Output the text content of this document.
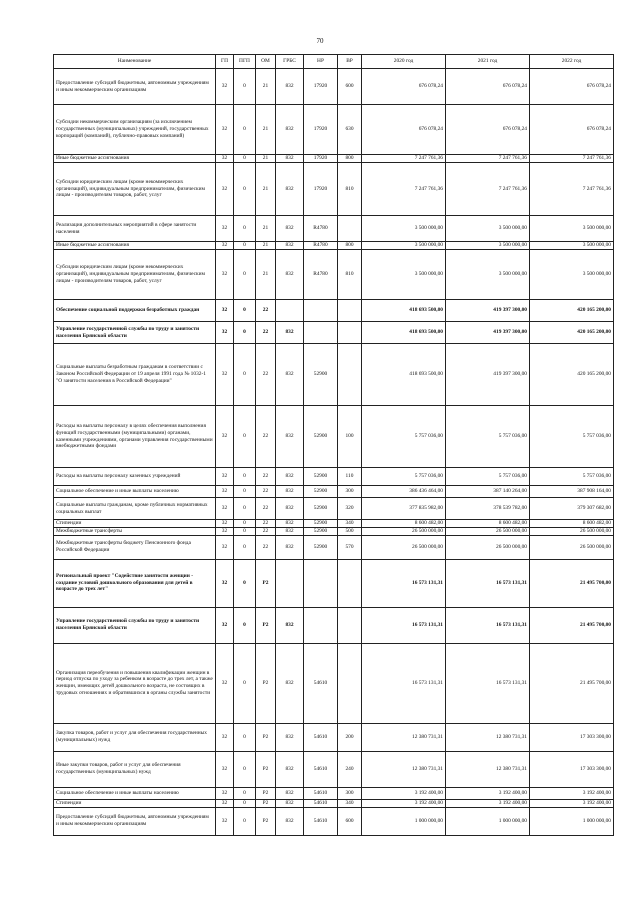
70
Наименование	ГП	ПГП	ОМ	ГРБС	НР	ВР	2020 год	2021 год	2022 год
Предоставление субсидий бюджетным, автономным учреждениям и иным некоммерческим организациям	32	0	21	832	17920	600	676 078,24	676 078,24	676 078,24
Субсидии некоммерческим организациям (за исключением государственных (муниципальных) учреждений, государственных корпораций (компаний), публично-правовых компаний)	32	0	21	832	17920	630	676 078,24	676 078,24	676 078,24
Иные бюджетные ассигнования	32	0	21	832	17920	800	7 247 761,36	7 247 761,36	7 247 761,36
Субсидии юридическим лицам (кроме некоммерческих организаций), индивидуальным предпринимателям, физическим лицам - производителям товаров, работ, услуг	32	0	21	832	17920	810	7 247 761,36	7 247 761,36	7 247 761,36
Реализация дополнительных мероприятий в сфере занятости населения	32	0	21	832	R4780		3 500 000,00	3 500 000,00	3 500 000,00
Иные бюджетные ассигнования	32	0	21	832	R4780	800	3 500 000,00	3 500 000,00	3 500 000,00
Субсидии юридическим лицам (кроме некоммерческих организаций), индивидуальным предпринимателям, физическим лицам - производителям товаров, работ, услуг	32	0	21	832	R4780	810	3 500 000,00	3 500 000,00	3 500 000,00
Обеспечение социальной поддержки безработных граждан	32	0	22				418 693 500,00	419 397 300,00	420 165 200,00
Управление государственной службы по труду и занятости населения Брянской области	32	0	22	832			418 693 500,00	419 397 300,00	420 165 200,00
Социальные выплаты безработным гражданам в соответствии с Законом Российской Федерации от 19 апреля 1991 года № 1032-1 "О занятости населения в Российской Федерации"	32	0	22	832	52900		418 693 500,00	419 397 300,00	420 165 200,00
Расходы на выплаты персоналу в целях обеспечения выполнения функций государственными (муниципальными) органами, казенными учреждениями, органами управления государственными внебюджетными фондами	32	0	22	832	52900	100	5 757 036,00	5 757 036,00	5 757 036,00
Расходы на выплаты персоналу казенных учреждений	32	0	22	832	52900	110	5 757 036,00	5 757 036,00	5 757 036,00
Социальное обеспечение и иные выплаты населению	32	0	22	832	52900	300	386 436 464,00	387 140 264,00	387 908 164,00
Социальные выплаты гражданам, кроме публичных нормативных социальных выплат	32	0	22	832	52900	320	377 835 982,00	378 539 782,00	379 307 682,00
Стипендии	32	0	22	832	52900	340	8 600 482,00	8 600 482,00	8 600 482,00
Межбюджетные трансферты	32	0	22	832	52900	500	26 500 000,00	26 500 000,00	26 500 000,00
Межбюджетные трансферты бюджету Пенсионного фонда Российской Федерации	32	0	22	832	52900	570	26 500 000,00	26 500 000,00	26 500 000,00
Региональный проект "Содействие занятости женщин - создание условий дошкольного образования для детей в возрасте до трех лет"	32	0	P2				16 573 131,31	16 573 131,31	21 495 700,00
Управление государственной службы по труду и занятости населения Брянской области	32	0	P2	832			16 573 131,31	16 573 131,31	21 495 700,00
Организация переобучения и повышения квалификации женщин в период отпуска по уходу за ребенком в возрасте до трех лет, а также женщин, имеющих детей дошкольного возраста, не состоящих в трудовых отношениях и обратившихся в органы службы занятости	32	0	P2	832	54610		16 573 131,31	16 573 131,31	21 495 700,00
Закупка товаров, работ и услуг для обеспечения государственных (муниципальных) нужд	32	0	P2	832	54610	200	12 380 731,31	12 380 731,31	17 303 300,00
Иные закупки товаров, работ и услуг для обеспечения государственных (муниципальных) нужд	32	0	P2	832	54610	240	12 380 731,31	12 380 731,31	17 303 300,00
Социальное обеспечение и иные выплаты населению	32	0	P2	832	54610	300	3 192 400,00	3 192 400,00	3 192 400,00
Стипендии	32	0	P2	832	54610	340	3 192 400,00	3 192 400,00	3 192 400,00
Предоставление субсидий бюджетным, автономным учреждениям и иным некоммерческим организациям	32	0	P2	832	54610	600	1 000 000,00	1 000 000,00	1 000 000,00
